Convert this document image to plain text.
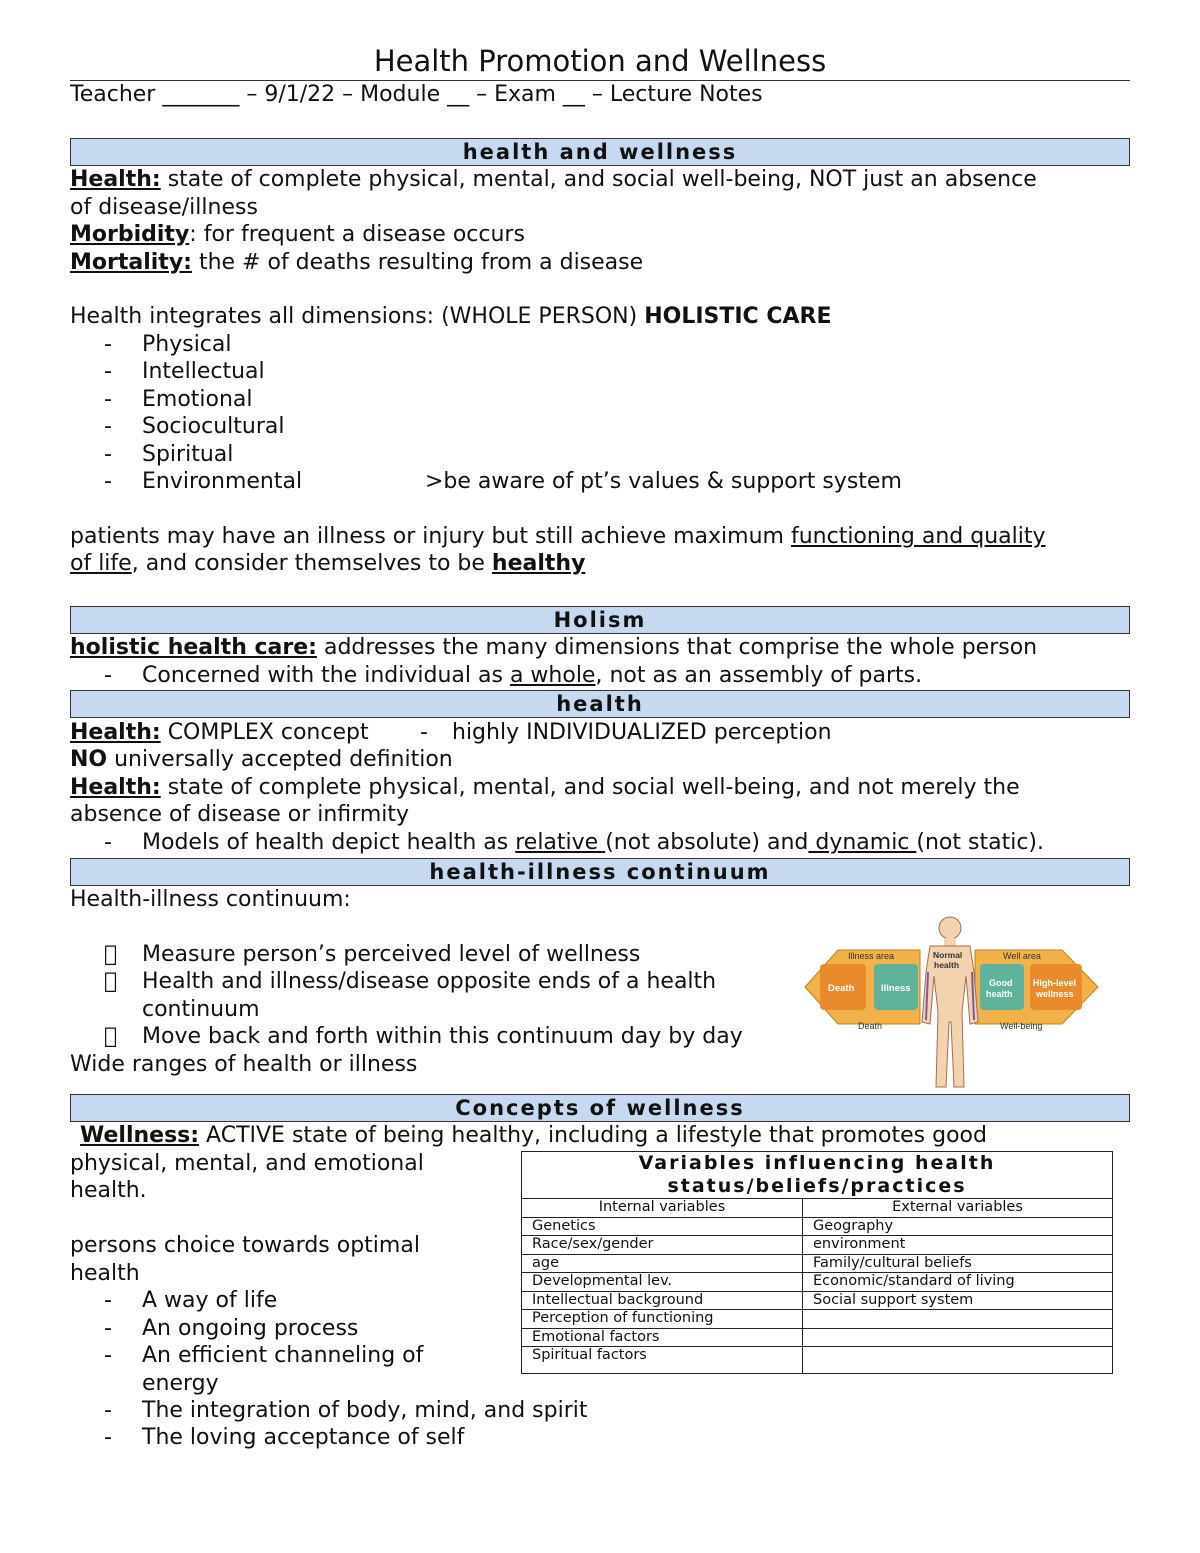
Health Promotion and Wellness
Teacher _______ – 9/1/22 – Module __ – Exam __ – Lecture Notes
health and wellness
Health: state of complete physical, mental, and social well-being, NOT just an absence
of disease/illness
Morbidity: for frequent a disease occurs
Mortality: the # of deaths resulting from a disease
Health integrates all dimensions: (WHOLE PERSON) HOLISTIC CARE
- Physical
- Intellectual
- Emotional
- Sociocultural
- Spiritual
- Environmental	>be aware of pt’s values & support system
patients may have an illness or injury but still achieve maximum functioning and quality
of life, and consider themselves to be healthy
Holism
holistic health care: addresses the many dimensions that comprise the whole person
- Concerned with the individual as a whole, not as an assembly of parts.
health
Health: COMPLEX concept - highly INDIVIDUALIZED perception
NO universally accepted definition
Health: state of complete physical, mental, and social well-being, and not merely the
absence of disease or infirmity
- Models of health depict health as relative (not absolute) and dynamic (not static).
health-illness continuum
Health-illness continuum:
Measure person’s perceived level of wellness
Health and illness/disease opposite ends of a health
continuum
Move back and forth within this continuum day by day
Wide ranges of health or illness
Illness area	Well area
Normal
health
Death	Illness	Good
health
High-level
wellness
Death	Well-being
Concepts of wellness
Wellness: ACTIVE state of being healthy, including a lifestyle that promotes good
physical, mental, and emotional
health.
persons choice towards optimal
health
- A way of life
- An ongoing process
- An efficient channeling of
energy
- The integration of body, mind, and spirit
- The loving acceptance of self
Variables influencing health
status/beliefs/practices	
Internal variables	External variables
Genetics	Geography
Race/sex/gender	environment
age	Family/cultural beliefs
Developmental lev.	Economic/standard of living
Intellectual background	Social support system
Perception of functioning	
Emotional factors	
Spiritual factors	
